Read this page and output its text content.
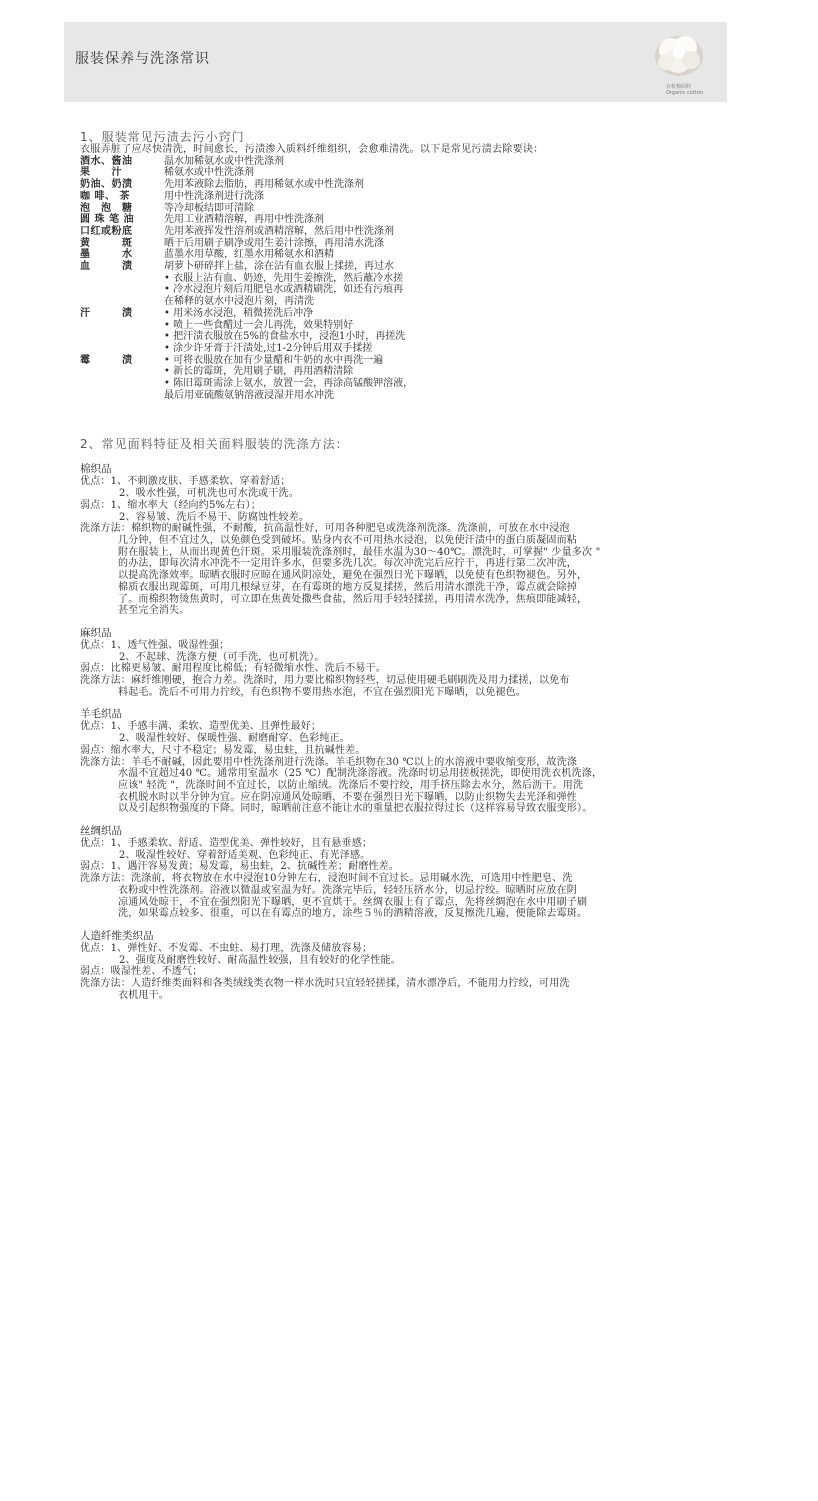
服装保养与洗涤常识
有机棉面料
Organic cotton
1、服装常见污渍去污小窍门
衣服弄脏了应尽快清洗，时间愈长，污渍渗入质料纤维组织，会愈难清洗。以下是常见污渍去除要诀：
酒水、酱油	温水加稀氨水或中性洗涤剂
果　　汁	稀氨水或中性洗涤剂
奶油、奶渍	先用苯液除去脂肪，再用稀氨水或中性洗涤剂
咖 啡、 茶	用中性洗涤剂进行洗涤
泡　泡　糖	等冷却板结即可清除
圆 珠 笔 油	先用工业酒精溶解，再用中性洗涤剂
口红或粉底	先用苯液挥发性溶剂或酒精溶解，然后用中性洗涤剂
黄　　　斑	晒干后用刷子刷净或用生姜汁涂擦，再用清水洗涤
墨　　　水	蓝墨水用草酸，红墨水用稀氨水和酒精
血　　　渍	胡萝卜研碎拌上盐，涂在沾有血衣服上揉搓，再过水
• 衣服上沾有血、奶迹，先用生姜擦洗，然后蘸冷水搓
• 冷水浸泡片刻后用肥皂水或酒精刷洗，如还有污痕再
在稀释的氨水中浸泡片刻，再清洗
汗　　　渍	• 用米汤水浸泡，稍微搓洗后冲净
• 喷上一些食醋过一会儿再洗，效果特别好
• 把汗渍衣服放在5%的食盐水中，浸泡1小时，再搓洗
• 涂少许牙膏于汗渍处,过1-2分钟后用双手揉搓
霉　　　渍	• 可将衣服放在加有少量醋和牛奶的水中再洗一遍
• 新长的霉斑，先用刷子刷，再用酒精清除
• 陈旧霉斑需涂上氨水，放置一会，再涂高锰酸钾溶液，
最后用亚硫酸氨钠溶液浸湿并用水冲洗
2、常见面料特征及相关面料服装的洗涤方法：
棉织品
优点：1、不刺激皮肤、手感柔软、穿着舒适；
2、吸水性强，可机洗也可水洗或干洗。
弱点：1、缩水率大（经向约5%左右）；
2、容易皱、洗后不易干、防腐蚀性较差。
洗涤方法：棉织物的耐碱性强，不耐酸，抗高温性好，可用各种肥皂或洗涤剂洗涤。洗涤前，可放在水中浸泡
几分钟，但不宜过久，以免颜色受到破坏。贴身内衣不可用热水浸泡，以免使汗渍中的蛋白质凝固而粘
附在服装上，从而出现黄色汗斑。采用服装洗涤剂时，最佳水温为30～40℃。漂洗时，可掌握" 少量多次 "
的办法，即每次清水冲洗不一定用许多水，但要多洗几次。每次冲洗完后应拧干，再进行第二次冲洗，
以提高洗涤效率。晾晒衣服时应晾在通风阴凉处，避免在强烈日光下曝晒，以免使有色织物褪色。另外，
棉质衣服出现霉斑，可用几根绿豆芽，在有霉斑的地方反复揉搓，然后用清水漂洗干净，霉点就会除掉
了。而棉织物烫焦黄时，可立即在焦黄处撒些食盐，然后用手轻轻揉搓，再用清水洗净，焦痕即能减轻，
甚至完全消失。
麻织品
优点：1、透气性强、吸湿性强；
2、不起球、洗涤方便（可手洗，也可机洗）。
弱点：比棉更易皱、耐用程度比棉低；有轻微缩水性、洗后不易干。
洗涤方法：麻纤维刚硬，抱合力差。洗涤时，用力要比棉织物轻些，切忌使用硬毛刷刷洗及用力揉搓，以免布
料起毛。洗后不可用力拧绞，有色织物不要用热水泡，不宜在强烈阳光下曝晒，以免褪色。
羊毛织品
优点：1、手感丰满、柔软、造型优美、且弹性最好；
2、吸湿性较好、保暖性强、耐磨耐穿、色彩纯正。
弱点：缩水率大，尺寸不稳定；易发霉，易虫蛀，且抗碱性差。
洗涤方法：羊毛不耐碱，因此要用中性洗涤剂进行洗涤。羊毛织物在30 ℃以上的水溶液中要收缩变形，故洗涤
水温不宜超过40 ℃。通常用室温水（25 ℃）配制洗涤溶液。洗涤时切忌用搓板搓洗，即使用洗衣机洗涤，
应该" 轻洗 "，洗涤时间不宜过长，以防止缩绒。洗涤后不要拧绞，用手挤压除去水分，然后沥干。用洗
衣机脱水时以半分钟为宜。应在阴凉通风处晾晒，不要在强烈日光下曝晒，以防止织物失去光泽和弹性
以及引起织物强度的下降。同时，晾晒前注意不能让水的重量把衣服拉得过长（这样容易导致衣服变形）。
丝绸织品
优点：1、手感柔软、舒适、造型优美、弹性较好，且有悬垂感；
2、吸湿性较好、穿着舒适美观、色彩纯正、有光泽感。
弱点：1、遇汗容易发黄；易发霉，易虫蛀，2、抗碱性差；耐磨性差。
洗涤方法：洗涤前，将衣物放在水中浸泡10分钟左右，浸泡时间不宜过长。忌用碱水洗，可选用中性肥皂、洗
衣粉或中性洗涤剂。浴液以微温或室温为好。洗涤完毕后，轻轻压挤水分，切忌拧绞。晾晒时应放在阴
凉通风处晾干，不宜在强烈阳光下曝晒，更不宜烘干。丝绸衣服上有了霉点，先将丝绸泡在水中用刷子刷
洗，如果霉点较多、很重，可以在有霉点的地方，涂些５％的酒精溶液，反复擦洗几遍，便能除去霉斑。
人造纤维类织品
优点：1、弹性好、不发霉、不虫蛀、易打理，洗涤及储放容易；
2、强度及耐磨性较好、耐高温性较强，且有较好的化学性能。
弱点：吸湿性差、不透气；
洗涤方法：人造纤维类面料和各类绒线类衣物一样水洗时只宜轻轻搓揉，清水漂净后，不能用力拧绞，可用洗
衣机甩干。
